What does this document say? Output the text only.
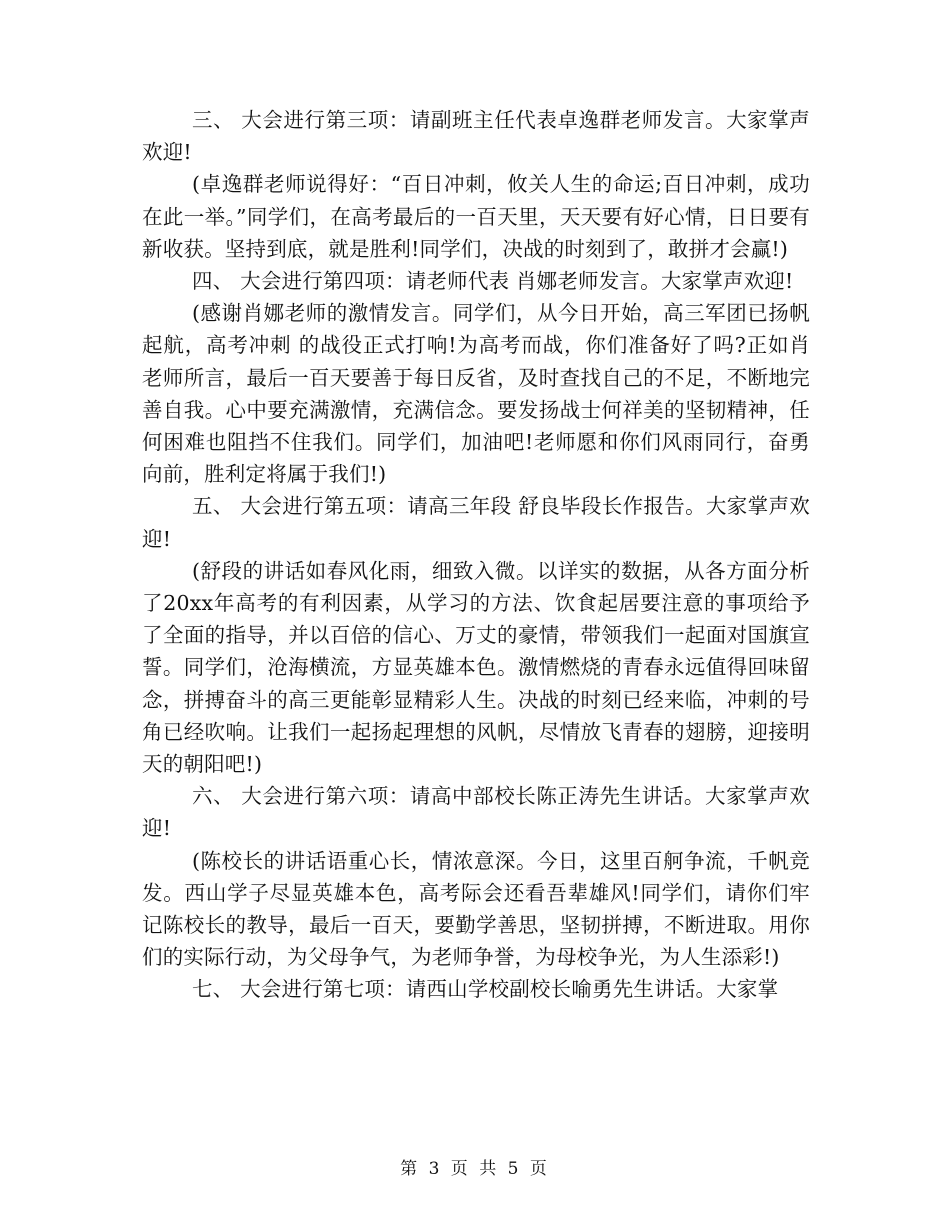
三、 大会进行第三项：请副班主任代表卓逸群老师发言。大家掌声欢迎!

(卓逸群老师说得好：“百日冲刺，攸关人生的命运;百日冲刺，成功在此一举。”同学们，在高考最后的一百天里，天天要有好心情，日日要有新收获。坚持到底，就是胜利!同学们，决战的时刻到了，敢拼才会赢!)

四、 大会进行第四项：请老师代表 肖娜老师发言。大家掌声欢迎!

(感谢肖娜老师的激情发言。同学们，从今日开始，高三军团已扬帆起航，高考冲刺 的战役正式打响!为高考而战，你们准备好了吗?正如肖老师所言，最后一百天要善于每日反省，及时查找自己的不足，不断地完善自我。心中要充满激情，充满信念。要发扬战士何祥美的坚韧精神，任何困难也阻挡不住我们。同学们，加油吧!老师愿和你们风雨同行，奋勇向前，胜利定将属于我们!)

五、 大会进行第五项：请高三年段 舒良毕段长作报告。大家掌声欢迎!

(舒段的讲话如春风化雨，细致入微。以详实的数据，从各方面分析了20xx年高考的有利因素，从学习的方法、饮食起居要注意的事项给予了全面的指导，并以百倍的信心、万丈的豪情，带领我们一起面对国旗宣誓。同学们，沧海横流，方显英雄本色。激情燃烧的青春永远值得回味留念，拼搏奋斗的高三更能彰显精彩人生。决战的时刻已经来临，冲刺的号角已经吹响。让我们一起扬起理想的风帆，尽情放飞青春的翅膀，迎接明天的朝阳吧!)

六、 大会进行第六项：请高中部校长陈正涛先生讲话。大家掌声欢迎!

(陈校长的讲话语重心长，情浓意深。今日，这里百舸争流，千帆竞发。西山学子尽显英雄本色，高考际会还看吾辈雄风!同学们，请你们牢记陈校长的教导，最后一百天，要勤学善思，坚韧拼搏，不断进取。用你们的实际行动，为父母争气，为老师争誉，为母校争光，为人生添彩!)

七、 大会进行第七项：请西山学校副校长喻勇先生讲话。大家掌

第 3 页 共 5 页
